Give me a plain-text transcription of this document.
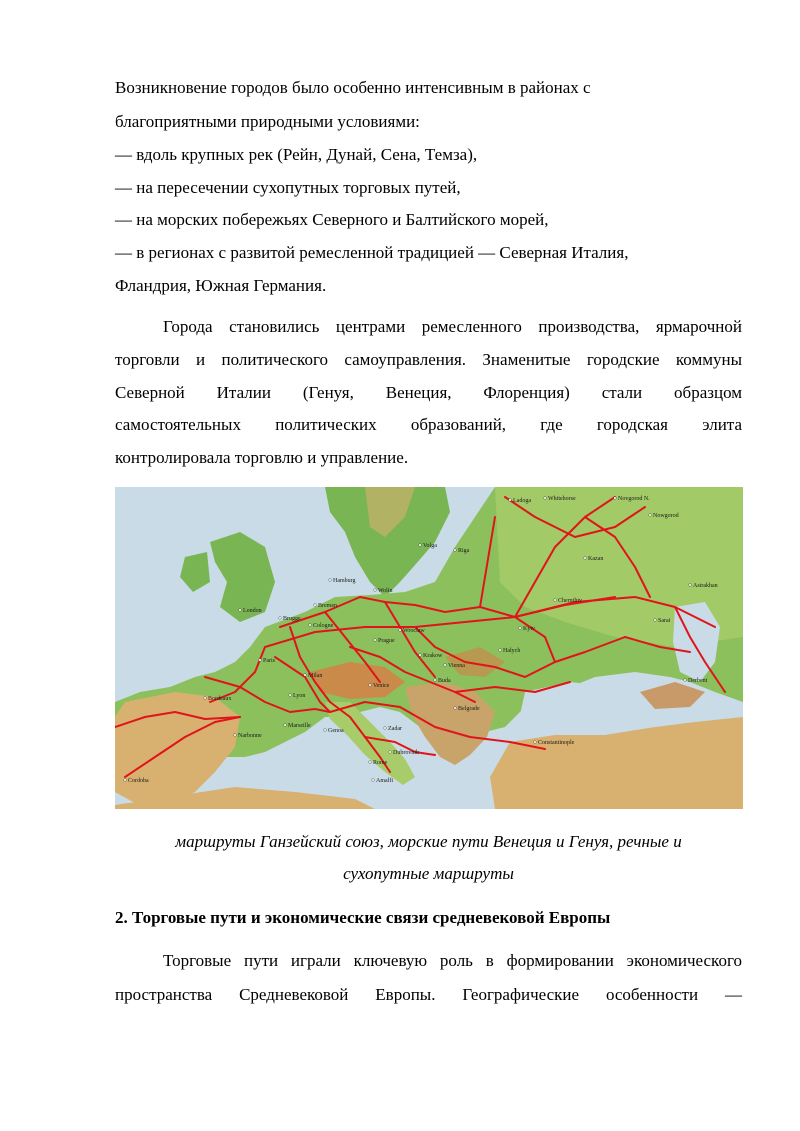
Возникновение городов было особенно интенсивным в районах с
благоприятными природными условиями:
— вдоль крупных рек (Рейн, Дунай, Сена, Темза),
— на пересечении сухопутных торговых путей,
— на морских побережьях Северного и Балтийского морей,
— в регионах с развитой ремесленной традицией — Северная Италия,
Фландрия, Южная Германия.
Города становились центрами ремесленного производства, ярмарочной
торговли и политического самоуправления. Знаменитые городские коммуны
Северной Италии (Генуя, Венеция, Флоренция) стали образцом
самостоятельных политических образований, где городская элита
контролировала торговлю и управление.
Ladoga	Whitehorse	Novgorod N.
Nowgorod
Volga
Riga
Kazan
London
Hamburg
Wolin
Bremen
Cologne
Brugge
Paris
Krakow
Prague
Wroclaw
Chernihiv
Kyiv
Bordeaux	Lyon
Milan
Venice
Marseille
Genoa
Narbonne
Zadar
Dubrovnik
Rome
Amalfi
Cordoba
Constantinople
Belgrade
Buda
Vienna
Astrakhan
Sarai
Derbent
Halych
маршруты Ганзейский союз, морские пути Венеция и Генуя, речные и
сухопутные маршруты
2. Торговые пути и экономические связи средневековой Европы
Торговые пути играли ключевую роль в формировании экономического
пространства Средневековой Европы. Географические особенности —
